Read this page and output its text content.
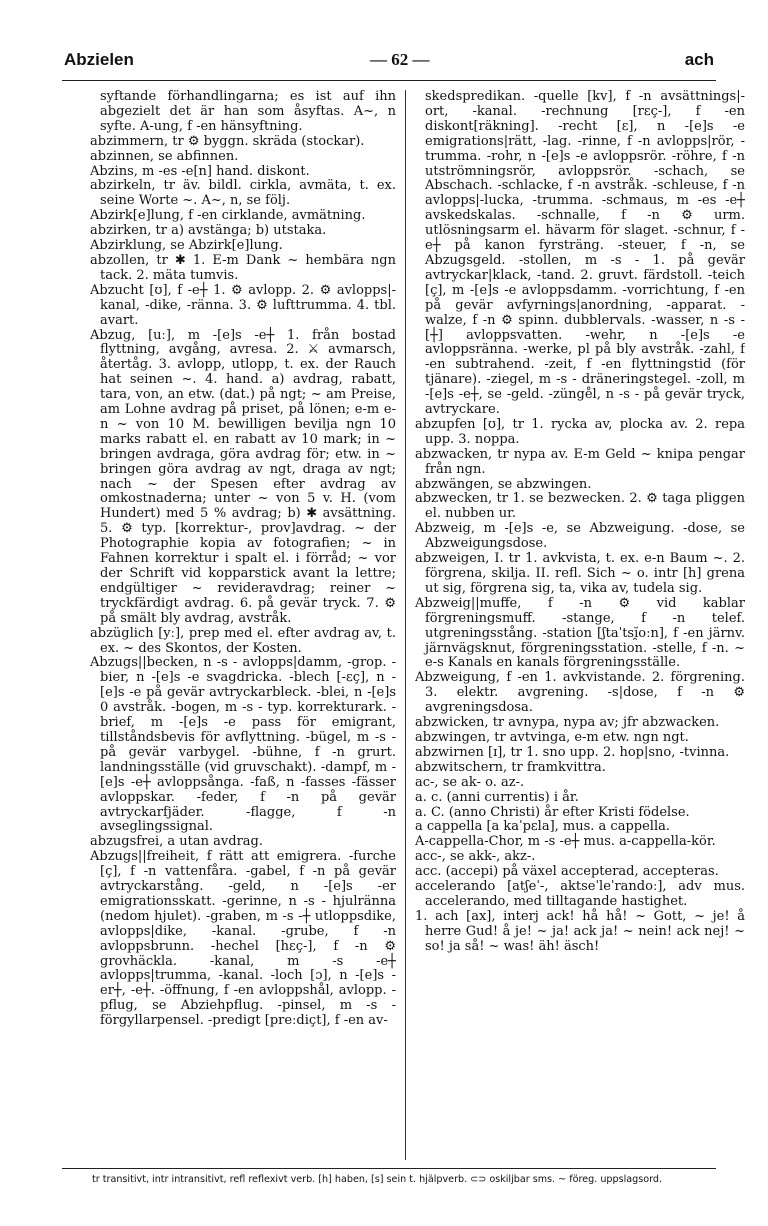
Abzielen	— 62 —	ach

syftande förhandlingarna; es ist auf ihn abgezielt det är han som åsyftas. A~, n syfte. A-ung, f -en hänsyftning.

abzimmern, tr ⚙ byggn. skräda (stockar).

abzinnen, se abfinnen.

Abzins, m -es -e[n] hand. diskont.

abzirkeln, tr äv. bildl. cirkla, avmäta, t. ex. seine Worte ~. A~, n, se följ.

Abzirk[e]lung, f -en cirklande, avmätning.

abzirken, tr a) avstänga; b) utstaka.

Abzirklung, se Abzirk[e]lung.

abzollen, tr ✱ 1. E-m Dank ~ hembära ngn tack. 2. mäta tumvis.

Abzucht [ʊ], f -e┼ 1. ⚙ avlopp. 2. ⚙ avlopps|-kanal, -dike, -ränna. 3. ⚙ lufttrumma. 4. tbl. avart.

Abzug, [uː], m -[e]s -e┼ 1. från bostad flyttning, avgång, avresa. 2. ⚔ avmarsch, återtåg. 3. avlopp, utlopp, t. ex. der Rauch hat seinen ~. 4. hand. a) avdrag, rabatt, tara, von, an etw. (dat.) på ngt; ~ am Preise, am Lohne avdrag på priset, på lönen; e-m e-n ~ von 10 M. bewilligen bevilja ngn 10 marks rabatt el. en rabatt av 10 mark; in ~ bringen avdraga, göra avdrag för; etw. in ~ bringen göra avdrag av ngt, draga av ngt; nach ~ der Spesen efter avdrag av omkostnaderna; unter ~ von 5 v. H. (vom Hundert) med 5 % avdrag; b) ✱ avsättning. 5. ⚙ typ. [korrektur-, prov]avdrag. ~ der Photographie kopia av fotografien; ~ in Fahnen korrektur i spalt el. i förråd; ~ vor der Schrift vid kopparstick avant la lettre; endgültiger ~ revideravdrag; reiner ~ tryckfärdigt avdrag. 6. på gevär tryck. 7. ⚙ på smält bly avdrag, avstråk.

abzüglich [yː], prep med el. efter avdrag av, t. ex. ~ des Skontos, der Kosten.

Abzugs||becken, n -s - avlopps|damm, -grop. -bier, n -[e]s -e svagdricka. -blech [-εç], n -[e]s -e på gevär avtryckarbleck. -blei, n -[e]s 0 avstråk. -bogen, m -s - typ. korrekturark. -brief, m -[e]s -e pass för emigrant, tillståndsbevis för avflyttning. -bügel, m -s - på gevär varbygel. -bühne, f -n grurt. landningsställe (vid gruvschakt). -dampf, m -[e]s -e┼ avloppsånga. -faß, n -fasses -fässer avloppskar. -feder, f -n på gevär avtryckarfjäder. -flagge, f -n avseglingssignal.

abzugsfrei, a utan avdrag.

Abzugs||freiheit, f rätt att emigrera. -furche [ç], f -n vattenfåra. -gabel, f -n på gevär avtryckarstång. -geld, n -[e]s -er emigrationsskatt. -gerinne, n -s - hjulränna (nedom hjulet). -graben, m -s -┼ utloppsdike, avlopps|dike, -kanal. -grube, f -n avloppsbrunn. -hechel [hεç-], f -n ⚙ grovhäckla. -kanal, m -s -e┼ avlopps|trumma, -kanal. -loch [ɔ], n -[e]s -er┼, -e┼. -öffnung, f -en avloppshål, avlopp. -pflug, se Abziehpflug. -pinsel, m -s - förgyllarpensel. -predigt [preːdiçt], f -en av-

skedspredikan. -quelle [kv], f -n avsättnings|-ort, -kanal. -rechnung [rεç-], f -en diskont[räkning]. -recht [ε], n -[e]s -e emigrations|rätt, -lag. -rinne, f -n avlopps|rör, -trumma. -rohr, n -[e]s -e avloppsrör. -röhre, f -n utströmningsrör, avloppsrör. -schach, se Abschach. -schlacke, f -n avstråk. -schleuse, f -n avlopps|-lucka, -trumma. -schmaus, m -es -e┼ avskedskalas. -schnalle, f -n ⚙ urm. utlösningsarm el. hävarm för slaget. -schnur, f -e┼ på kanon fyrsträng. -steuer, f -n, se Abzugsgeld. -stollen, m -s - 1. på gevär avtryckar|klack, -tand. 2. gruvt. färdstoll. -teich [ç], m -[e]s -e avloppsdamm. -vorrichtung, f -en på gevär avfyrnings|anordning, -apparat. -walze, f -n ⚙ spinn. dubblervals. -wasser, n -s -[┼] avloppsvatten. -wehr, n -[e]s -e avloppsränna. -werke, pl på bly avstråk. -zahl, f -en subtrahend. -zeit, f -en flyttningstid (för tjänare). -ziegel, m -s - dräneringstegel. -zoll, m -[e]s -e┼, se -geld. -zünge̊l, n -s - på gevär tryck, avtryckare.

abzupfen [ʊ], tr 1. rycka av, plocka av. 2. repa upp. 3. noppa.

abzwacken, tr nypa av. E-m Geld ~ knipa pengar från ngn.

abzwängen, se abzwingen.

abzwecken, tr 1. se bezwecken. 2. ⚙ taga pliggen el. nubben ur.

Abzweig, m -[e]s -e, se Abzweigung. -dose, se Abzweigungsdose.

abzweigen, I. tr 1. avkvista, t. ex. e-n Baum ~. 2. förgrena, skilja. II. refl. Sich ~ o. intr [h] grena ut sig, förgrena sig, ta, vika av, tudela sig.

Abzweig||muffe, f -n ⚙ vid kablar förgreningsmuff. -stange, f -n telef. utgreningsstång. -station [ʃtaˈtsĭ̯oːn], f -en järnv. järnvägsknut, förgreningsstation. -stelle, f -n. ~ e-s Kanals en kanals förgreningsställe.

Abzweigung, f -en 1. avkvistande. 2. förgrening. 3. elektr. avgrening. -s|dose, f -n ⚙ avgreningsdosa.

abzwicken, tr avnypa, nypa av; jfr abzwacken.

abzwingen, tr avtvinga, e-m etw. ngn ngt.

abzwirnen [ɪ], tr 1. sno upp. 2. hop|sno, -tvinna.

abzwitschern, tr framkvittra.

ac-, se ak- o. az-.

a. c. (anni currentis) i år.

a. C. (anno Christi) år efter Kristi födelse.

a cappella [a kaˈpεla], mus. a cappella.

A-cappella-Chor, m -s -e┼ mus. a-cappella-kör.

acc-, se akk-, akz-.

acc. (accepi) på växel accepterad, accepteras.

accelerando [atʃeˈ-, aktseˈleˈrandoː], adv mus. accelerando, med tilltagande hastighet.

1. ach [ax], interj ack! hå hå! ~ Gott, ~ je! å herre Gud! å je! ~ ja! ack ja! ~ nein! ack nej! ~ so! ja så! ~ was! äh! äsch!

tr transitivt, intr intransitivt, refl reflexivt verb. [h] haben, [s] sein t. hjälpverb. ⊂⊃ oskiljbar sms. ~ föreg. uppslagsord.
